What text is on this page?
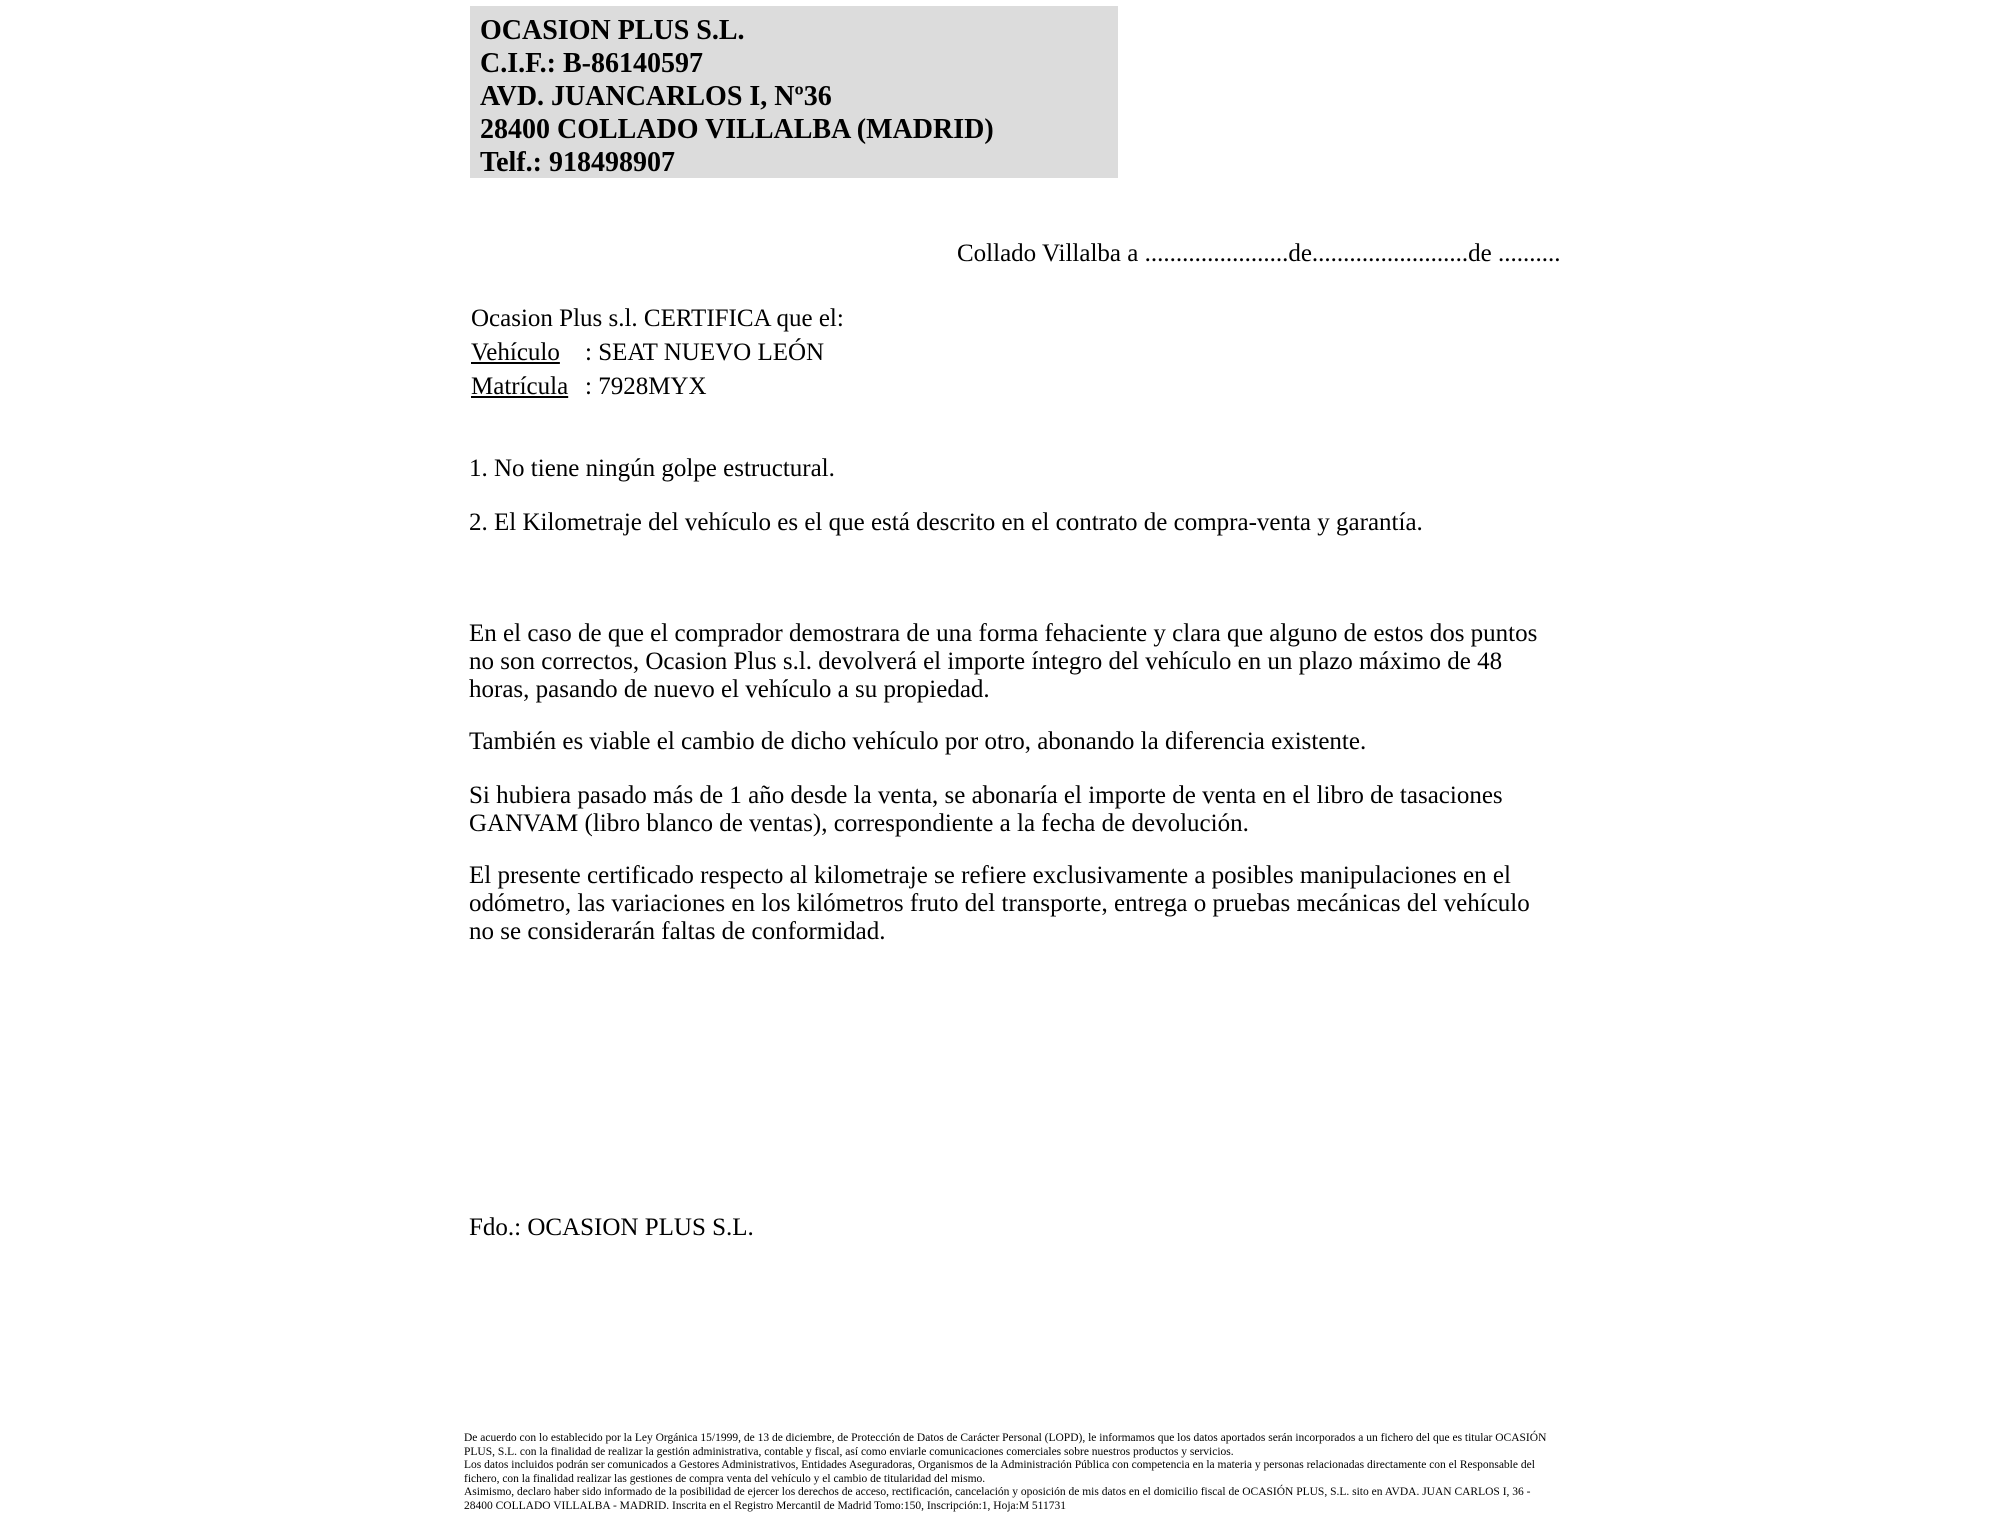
OCASION PLUS S.L.
C.I.F.: B-86140597
AVD. JUANCARLOS I, Nº36
28400 COLLADO VILLALBA (MADRID)
Telf.: 918498907
Collado Villalba a .......................de.........................de ..........
Ocasion Plus s.l. CERTIFICA que el:
Vehículo	: SEAT NUEVO LEÓN
Matrícula : 7928MYX
1. No tiene ningún golpe estructural.
2. El Kilometraje del vehículo es el que está descrito en el contrato de compra-venta y garantía.
En el caso de que el comprador demostrara de una forma fehaciente y clara que alguno de estos dos puntos no son correctos, Ocasion Plus s.l. devolverá el importe íntegro del vehículo en un plazo máximo de 48 horas, pasando de nuevo el vehículo a su propiedad.
También es viable el cambio de dicho vehículo por otro, abonando la diferencia existente.
Si hubiera pasado más de 1 año desde la venta, se abonaría el importe de venta en el libro de tasaciones GANVAM (libro blanco de ventas), correspondiente a la fecha de devolución.
El presente certificado respecto al kilometraje se refiere exclusivamente a posibles manipulaciones en el odómetro, las variaciones en los kilómetros fruto del transporte, entrega o pruebas mecánicas del vehículo no se considerarán faltas de conformidad.
Fdo.: OCASION PLUS S.L.

De acuerdo con lo establecido por la Ley Orgánica 15/1999, de 13 de diciembre, de Protección de Datos de Carácter Personal (LOPD), le informamos que los datos aportados serán incorporados a un fichero del que es titular OCASIÓN PLUS, S.L. con la finalidad de realizar la gestión administrativa, contable y fiscal, así como enviarle comunicaciones comerciales sobre nuestros productos y servicios.

Los datos incluidos podrán ser comunicados a Gestores Administrativos, Entidades Aseguradoras, Organismos de la Administración Pública con competencia en la materia y personas relacionadas directamente con el Responsable del fichero, con la finalidad realizar las gestiones de compra venta del vehículo y el cambio de titularidad del mismo.

Asimismo, declaro haber sido informado de la posibilidad de ejercer los derechos de acceso, rectificación, cancelación y oposición de mis datos en el domicilio fiscal de OCASIÓN PLUS, S.L. sito en AVDA. JUAN CARLOS I, 36 - 28400 COLLADO VILLALBA - MADRID. Inscrita en el Registro Mercantil de Madrid Tomo:150, Inscripción:1, Hoja:M 511731
